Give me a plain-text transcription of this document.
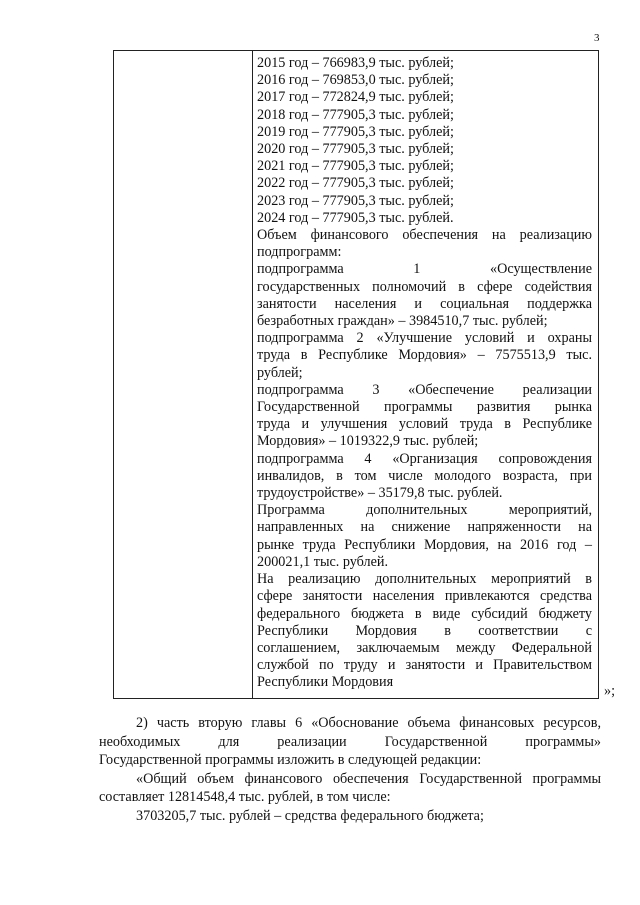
3
2015 год – 766983,9 тыс. рублей;
2016 год – 769853,0 тыс. рублей;
2017 год – 772824,9 тыс. рублей;
2018 год – 777905,3 тыс. рублей;
2019 год – 777905,3 тыс. рублей;
2020 год – 777905,3 тыс. рублей;
2021 год – 777905,3 тыс. рублей;
2022 год – 777905,3 тыс. рублей;
2023 год – 777905,3 тыс. рублей;
2024 год – 777905,3 тыс. рублей.
Объем финансового обеспечения на реализацию
подпрограмм:
подпрограмма 1 «Осуществление
государственных полномочий в сфере содействия
занятости населения и социальная поддержка
безработных граждан» – 3984510,7 тыс. рублей;
подпрограмма 2 «Улучшение условий и охраны
труда в Республике Мордовия» – 7575513,9 тыс.
рублей;
подпрограмма 3 «Обеспечение реализации
Государственной программы развития рынка
труда и улучшения условий труда в Республике
Мордовия» – 1019322,9 тыс. рублей;
подпрограмма 4 «Организация сопровождения
инвалидов, в том числе молодого возраста, при
трудоустройстве» – 35179,8 тыс. рублей.
Программа дополнительных мероприятий,
направленных на снижение напряженности на
рынке труда Республики Мордовия, на 2016 год –
200021,1 тыс. рублей.
На реализацию дополнительных мероприятий в
сфере занятости населения привлекаются средства
федерального бюджета в виде субсидий бюджету
Республики Мордовия в соответствии с
соглашением, заключаемым между Федеральной
службой по труду и занятости и Правительством
Республики Мордовия
»;
2) часть вторую главы 6 «Обоснование объема финансовых ресурсов,
необходимых для реализации Государственной программы»
Государственной программы изложить в следующей редакции:
«Общий объем финансового обеспечения Государственной программы
составляет 12814548,4 тыс. рублей, в том числе:
3703205,7 тыс. рублей – средства федерального бюджета;
